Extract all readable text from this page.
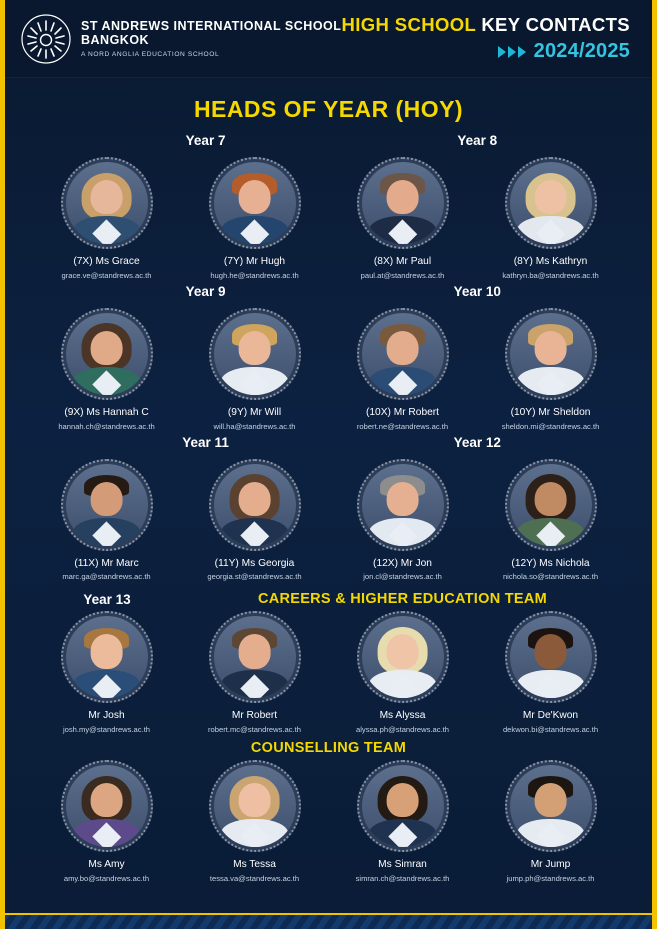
ST ANDREWS INTERNATIONAL SCHOOL
BANGKOK
A NORD ANGLIA EDUCATION SCHOOL
HIGH SCHOOL KEY CONTACTS
2024/2025
HEADS OF YEAR (HOY)
Year 7	Year 8
(7X) Ms Grace
grace.ve@standrews.ac.th
(7Y) Mr Hugh
hugh.he@standrews.ac.th
(8X) Mr Paul
paul.at@standrews.ac.th
(8Y) Ms Kathryn
kathryn.ba@standrews.ac.th
Year 9	Year 10
(9X) Ms Hannah C
hannah.ch@standrews.ac.th
(9Y) Mr Will
will.ha@standrews.ac.th
(10X) Mr Robert
robert.ne@standrews.ac.th
(10Y) Mr Sheldon
sheldon.mi@standrews.ac.th
Year 11	Year 12
(11X) Mr Marc
marc.ga@standrews.ac.th
(11Y) Ms Georgia
georgia.st@standrews.ac.th
(12X) Mr Jon
jon.cl@standrews.ac.th
(12Y) Ms Nichola
nichola.so@standrews.ac.th
Year 13	CAREERS & HIGHER EDUCATION TEAM
Mr Josh
josh.my@standrews.ac.th
Mr Robert
robert.mc@standrews.ac.th
Ms Alyssa
alyssa.ph@standrews.ac.th
Mr De'Kwon
dekwon.bi@standrews.ac.th
COUNSELLING TEAM
Ms Amy
amy.bo@standrews.ac.th
Ms Tessa
tessa.va@standrews.ac.th
Ms Simran
simran.ch@standrews.ac.th
Mr Jump
jump.ph@standrews.ac.th
